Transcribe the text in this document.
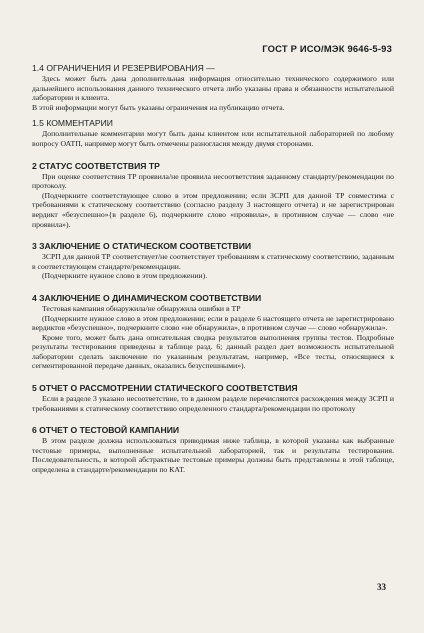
ГОСТ Р ИСО/МЭК 9646-5-93

1.4 ОГРАНИЧЕНИЯ И РЕЗЕРВИРОВАНИЯ —

Здесь может быть дана дополнительная информация относительно технического содержимого или дальнейшего использования данного технического отчета либо указаны права и обязанности испытательной лаборатории и клиента.

В этой информации могут быть указаны ограничения на публикацию отчета.

1.5 КОММЕНТАРИИ

Дополнительные комментарии могут быть даны клиентом или испытательной лабораторией по любому вопросу ОАТП, например могут быть отмечены разногласия между двумя сторонами.

2 СТАТУС СООТВЕТСТВИЯ ТР

При оценке соответствия ТР проявила/не проявила несоответствия заданному стандарту/рекомендации по протоколу.

(Подчеркните соответствующее слово в этом предложении; если ЗСРП для данной ТР совместима с требованиями к статическому соответствию (согласно разделу 3 настоящего отчета) и не зарегистрирован вердикт «безуспешно»{в разделе 6), подчеркните слово «проявила», в противном случае — слово «не проявила»).

3 ЗАКЛЮЧЕНИЕ О СТАТИЧЕСКОМ СООТВЕТСТВИИ

ЗСРП для данной ТР соответствует/не соответствует требованиям к статическому соответствию, заданным в соответствующем стандарте/рекомендации.

(Подчеркните нужное слово в этом предложении).

4 ЗАКЛЮЧЕНИЕ О ДИНАМИЧЕСКОМ СООТВЕТСТВИИ

Тестовая кампания обнаружила/не обнаружила ошибки в ТР

(Подчеркните нужное слово в этом предложении; если в разделе 6 настоящего отчета не зарегистрировано вердиктов «безуспешно», подчеркните слово «не обнаружила», в противном случае — слово «обнаружила».

Кроме того, может быть дана описательная сводка результатов выполнения группы тестов. Подробные результаты тестирования приведены в таблице разд. 6; данный раздел дает возможность испытательной лаборатории сделать заключение по указанным результатам, например, «Все тесты, относящиеся к сегментированной передаче данных, оказались безуспешными»).

5 ОТЧЕТ О РАССМОТРЕНИИ СТАТИЧЕСКОГО СООТВЕТСТВИЯ

Если в разделе 3 указано несоответствие, то в данном разделе перечисляются расхождения между ЗСРП и требованиями к статическому соответствию определенного стандарта/рекомендации по протоколу

6 ОТЧЕТ О ТЕСТОВОЙ КАМПАНИИ

В этом разделе должна использоваться приводимая ниже таблица, в которой указаны как выбранные тестовые примеры, выполненные испытательной лабораторией, так и результаты тестирования. Последовательность, в которой абстрактные тестовые примеры должны быть представлены в этой таблице, определена в стандарте/рекомендации по КАТ.

33
